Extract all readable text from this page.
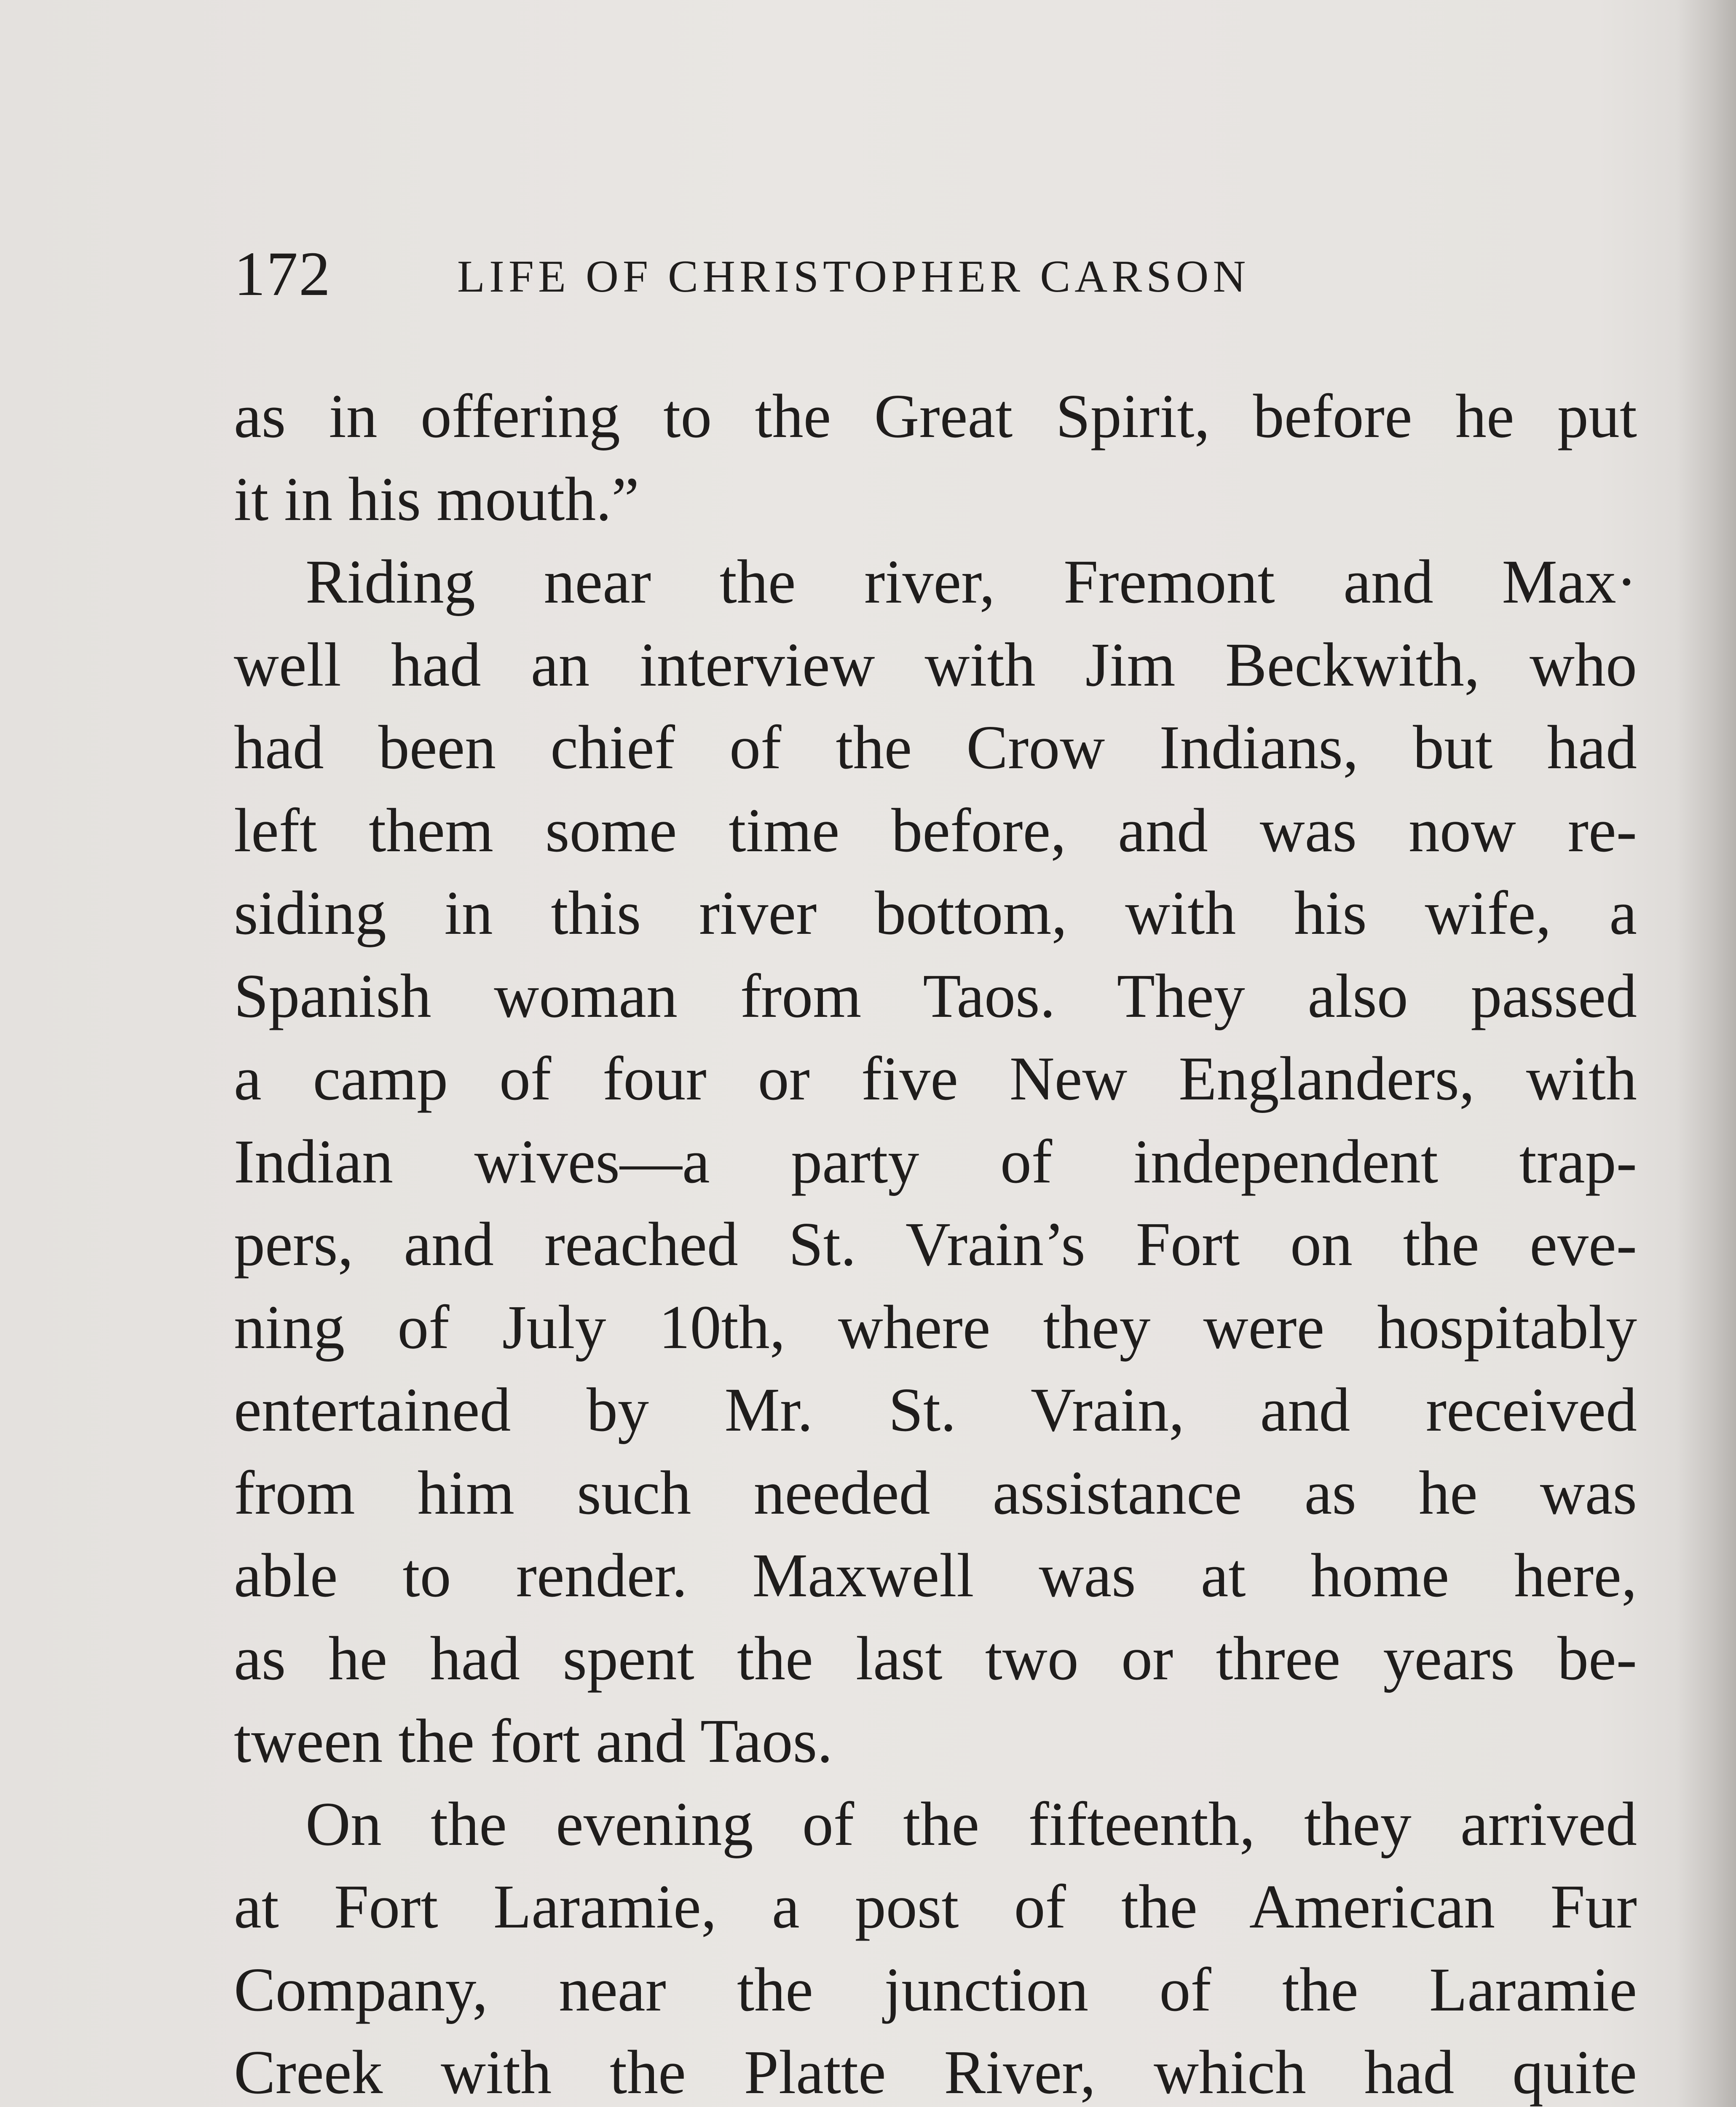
172	LIFE OF CHRISTOPHER CARSON
as in offering to the Great Spirit, before he put
it in his mouth.”
Riding near the river, Fremont and Max·
well had an interview with Jim Beckwith, who
had been chief of the Crow Indians, but had
left them some time before, and was now re-
siding in this river bottom, with his wife, a
Spanish woman from Taos. They also passed
a camp of four or five New Englanders, with
Indian wives—a party of independent trap-
pers, and reached St. Vrain’s Fort on the eve-
ning of July 10th, where they were hospitably
entertained by Mr. St. Vrain, and received
from him such needed assistance as he was
able to render. Maxwell was at home here,
as he had spent the last two or three years be-
tween the fort and Taos.
On the evening of the fifteenth, they arrived
at Fort Laramie, a post of the American Fur
Company, near the junction of the Laramie
Creek with the Platte River, which had quite
